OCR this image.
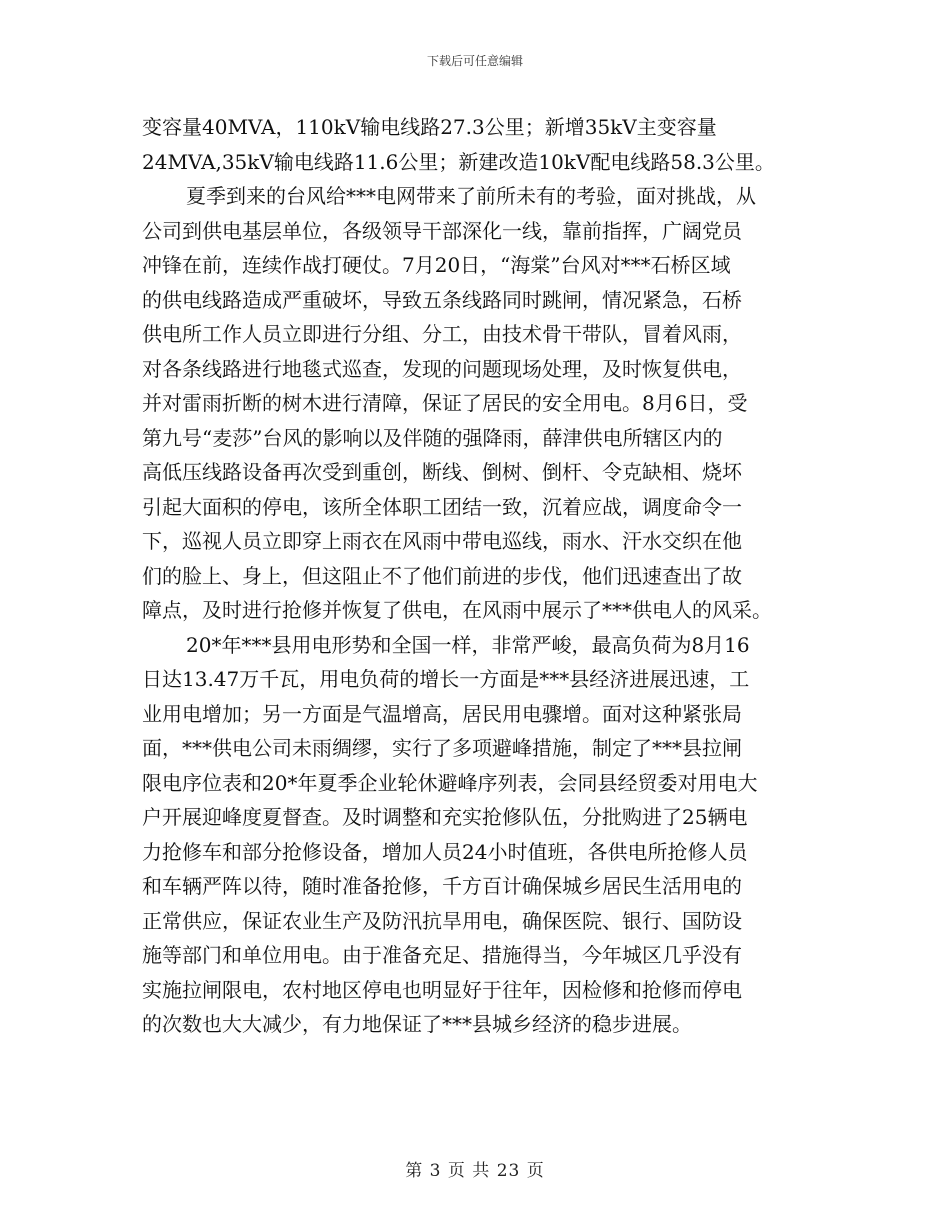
下载后可任意编辑
变容量40MVA，110kV输电线路27.3公里；新增35kV主变容量
24MVA,35kV输电线路11.6公里；新建改造10kV配电线路58.3公里。
夏季到来的台风给***电网带来了前所未有的考验，面对挑战，从
公司到供电基层单位，各级领导干部深化一线，靠前指挥，广阔党员
冲锋在前，连续作战打硬仗。7月20日，“海棠”台风对***石桥区域
的供电线路造成严重破坏，导致五条线路同时跳闸，情况紧急，石桥
供电所工作人员立即进行分组、分工，由技术骨干带队，冒着风雨，
对各条线路进行地毯式巡查，发现的问题现场处理，及时恢复供电，
并对雷雨折断的树木进行清障，保证了居民的安全用电。8月6日，受
第九号“麦莎”台风的影响以及伴随的强降雨，薛津供电所辖区内的
高低压线路设备再次受到重创，断线、倒树、倒杆、令克缺相、烧坏
引起大面积的停电，该所全体职工团结一致，沉着应战，调度命令一
下，巡视人员立即穿上雨衣在风雨中带电巡线，雨水、汗水交织在他
们的脸上、身上，但这阻止不了他们前进的步伐，他们迅速查出了故
障点，及时进行抢修并恢复了供电，在风雨中展示了***供电人的风采。
20*年***县用电形势和全国一样，非常严峻，最高负荷为8月16
日达13.47万千瓦，用电负荷的增长一方面是***县经济进展迅速，工
业用电增加；另一方面是气温增高，居民用电骤增。面对这种紧张局
面，***供电公司未雨绸缪，实行了多项避峰措施，制定了***县拉闸
限电序位表和20*年夏季企业轮休避峰序列表，会同县经贸委对用电大
户开展迎峰度夏督查。及时调整和充实抢修队伍，分批购进了25辆电
力抢修车和部分抢修设备，增加人员24小时值班，各供电所抢修人员
和车辆严阵以待，随时准备抢修，千方百计确保城乡居民生活用电的
正常供应，保证农业生产及防汛抗旱用电，确保医院、银行、国防设
施等部门和单位用电。由于准备充足、措施得当，今年城区几乎没有
实施拉闸限电，农村地区停电也明显好于往年，因检修和抢修而停电
的次数也大大减少，有力地保证了***县城乡经济的稳步进展。
第 3 页 共 23 页
